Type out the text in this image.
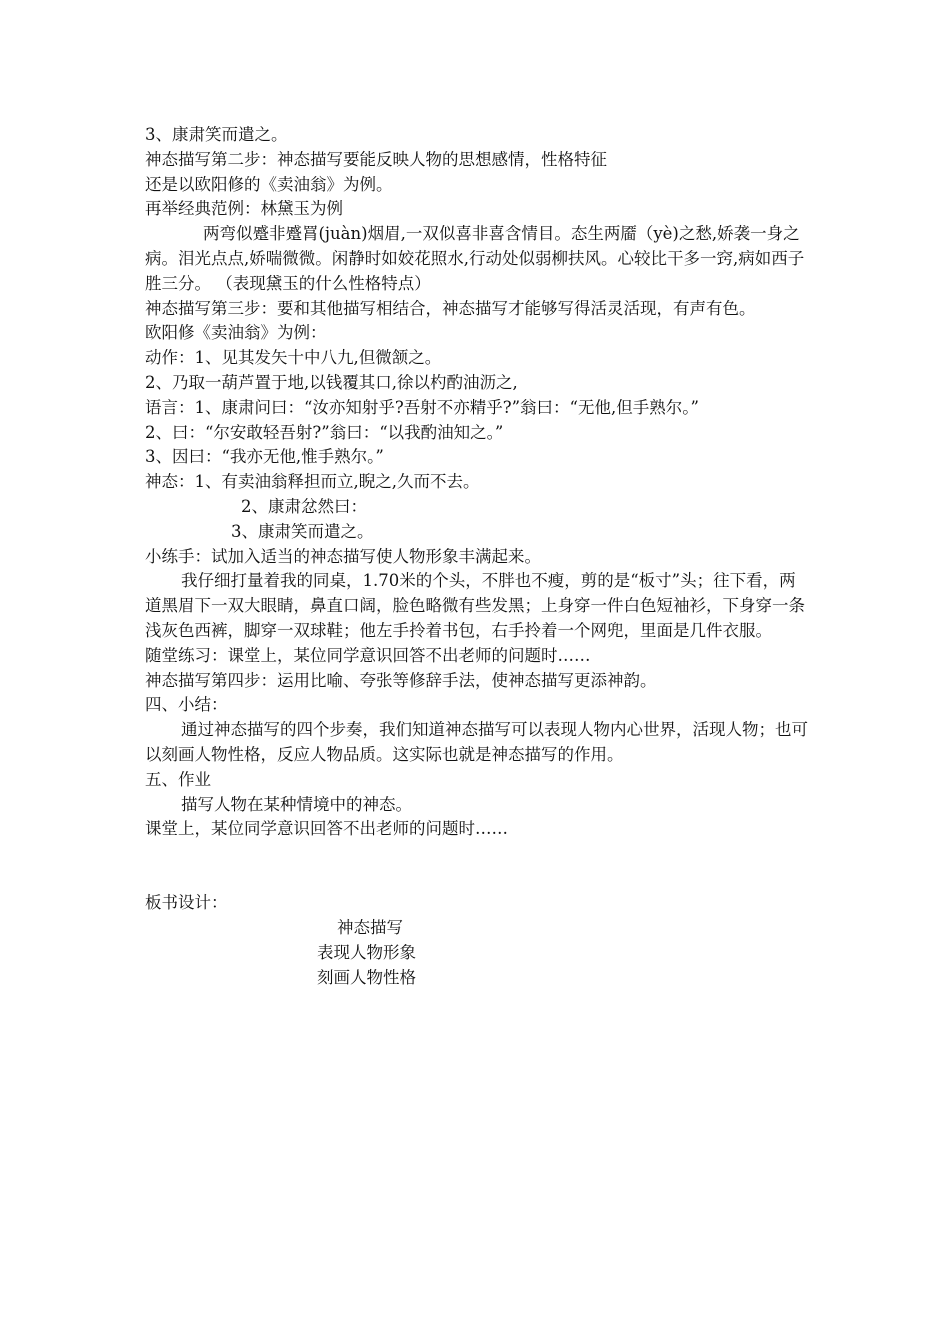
3、康肃笑而遣之。

神态描写第二步：神态描写要能反映人物的思想感情，性格特征

还是以欧阳修的《卖油翁》为例。

再举经典范例：林黛玉为例

两弯似蹙非蹙罥(juàn)烟眉,一双似喜非喜含情目。态生两靥（yè)之愁,娇袭一身之病。泪光点点,娇喘微微。闲静时如姣花照水,行动处似弱柳扶风。心较比干多一窍,病如西子胜三分。 （表现黛玉的什么性格特点）

神态描写第三步：要和其他描写相结合，神态描写才能够写得活灵活现，有声有色。

欧阳修《卖油翁》为例：

动作：1、见其发矢十中八九,但微颔之。

2、乃取一葫芦置于地,以钱覆其口,徐以杓酌油沥之,

语言：1、康肃问曰：“汝亦知射乎?吾射不亦精乎?”翁曰：“无他,但手熟尔。”

2、曰：“尔安敢轻吾射?”翁曰：“以我酌油知之。”

3、因曰：“我亦无他,惟手熟尔。”

神态：1、有卖油翁释担而立,睨之,久而不去。

2、康肃忿然曰：

3、康肃笑而遣之。

小练手：试加入适当的神态描写使人物形象丰满起来。

我仔细打量着我的同桌，1.70米的个头，不胖也不瘦，剪的是“板寸”头；往下看，两道黑眉下一双大眼睛，鼻直口阔，脸色略微有些发黑；上身穿一件白色短袖衫，下身穿一条浅灰色西裤，脚穿一双球鞋；他左手拎着书包，右手拎着一个网兜，里面是几件衣服。

随堂练习：课堂上，某位同学意识回答不出老师的问题时……

神态描写第四步：运用比喻、夸张等修辞手法，使神态描写更添神韵。

四、小结：

通过神态描写的四个步奏，我们知道神态描写可以表现人物内心世界，活现人物；也可以刻画人物性格，反应人物品质。这实际也就是神态描写的作用。

五、作业

描写人物在某种情境中的神态。

课堂上，某位同学意识回答不出老师的问题时……

板书设计：

神态描写

表现人物形象

刻画人物性格
